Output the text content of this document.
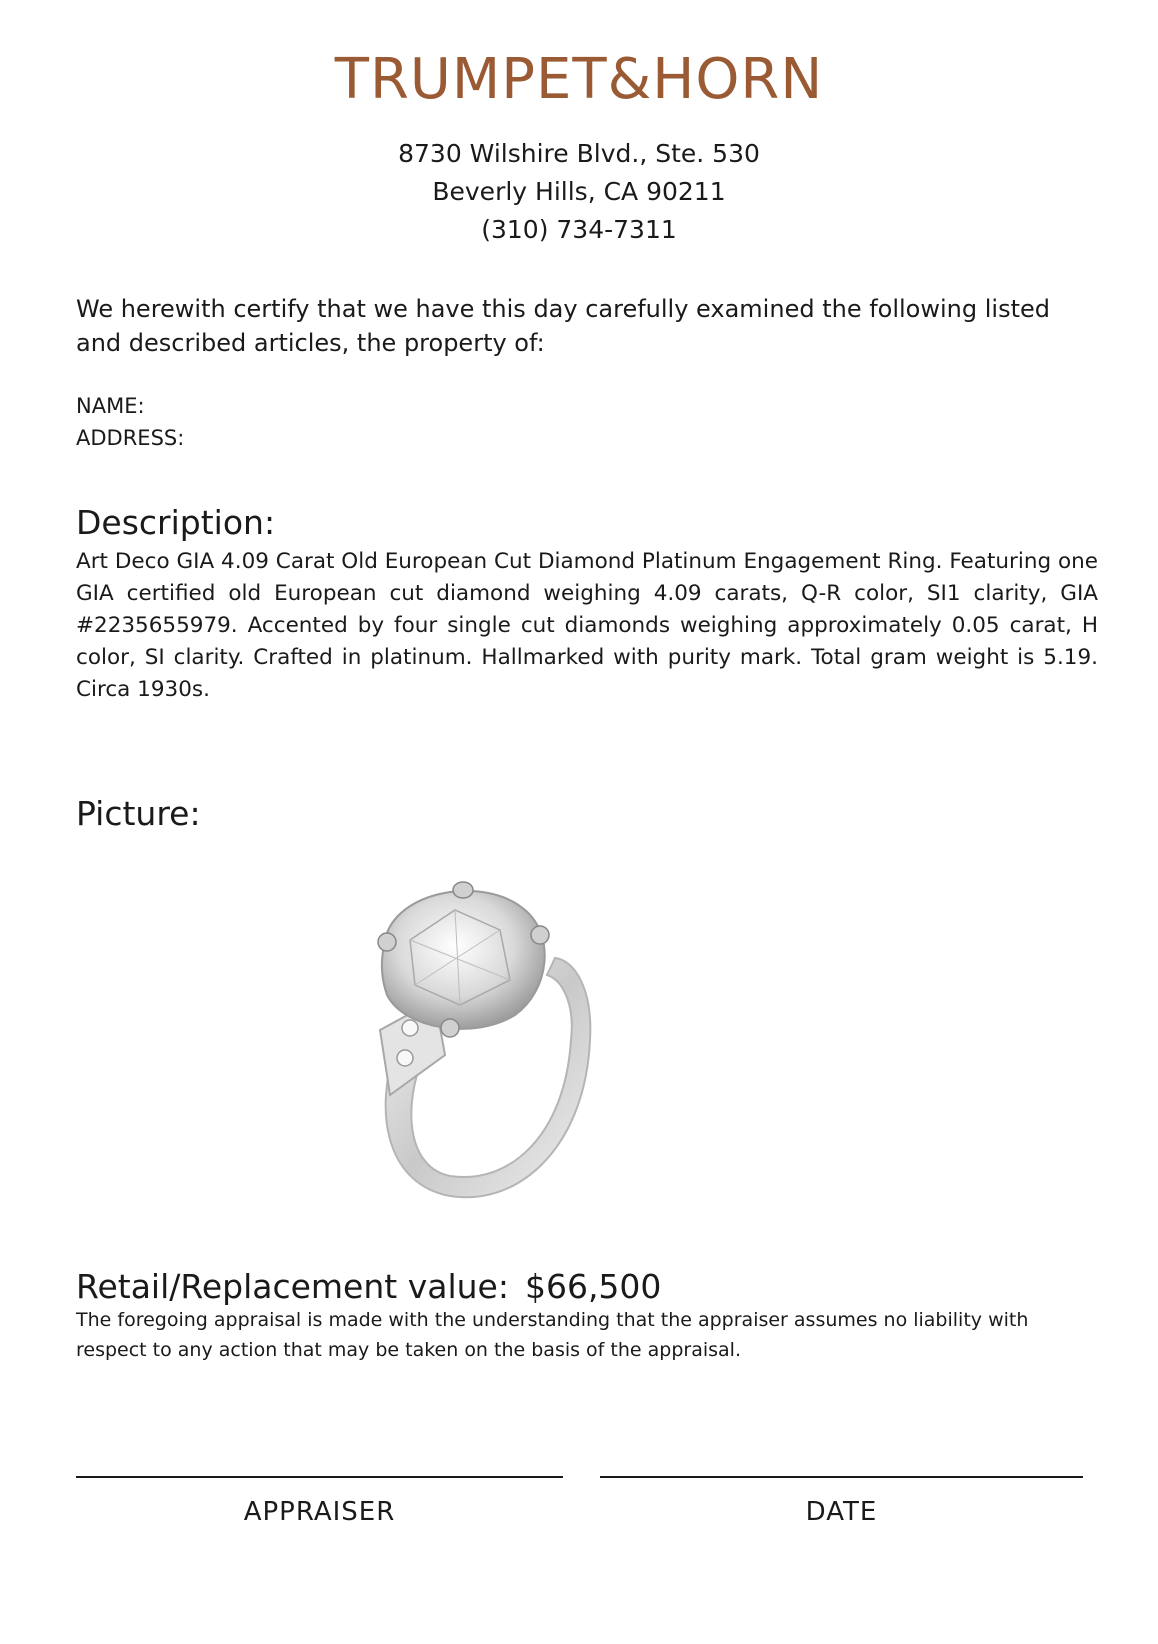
TRUMPET&HORN
8730 Wilshire Blvd., Ste. 530
Beverly Hills, CA 90211
(310) 734-7311
We herewith certify that we have this day carefully examined the following listed and described articles, the property of:
NAME:
ADDRESS:
Description:
Art Deco GIA 4.09 Carat Old European Cut Diamond Platinum Engagement Ring. Featuring one GIA certified old European cut diamond weighing 4.09 carats, Q-R color, SI1 clarity, GIA #2235655979. Accented by four single cut diamonds weighing approximately 0.05 carat, H color, SI clarity. Crafted in platinum. Hallmarked with purity mark. Total gram weight is 5.19. Circa 1930s.
Picture:
Retail/Replacement value: $66,500
The foregoing appraisal is made with the understanding that the appraiser assumes no liability with respect to any action that may be taken on the basis of the appraisal.
APPRAISER	DATE
